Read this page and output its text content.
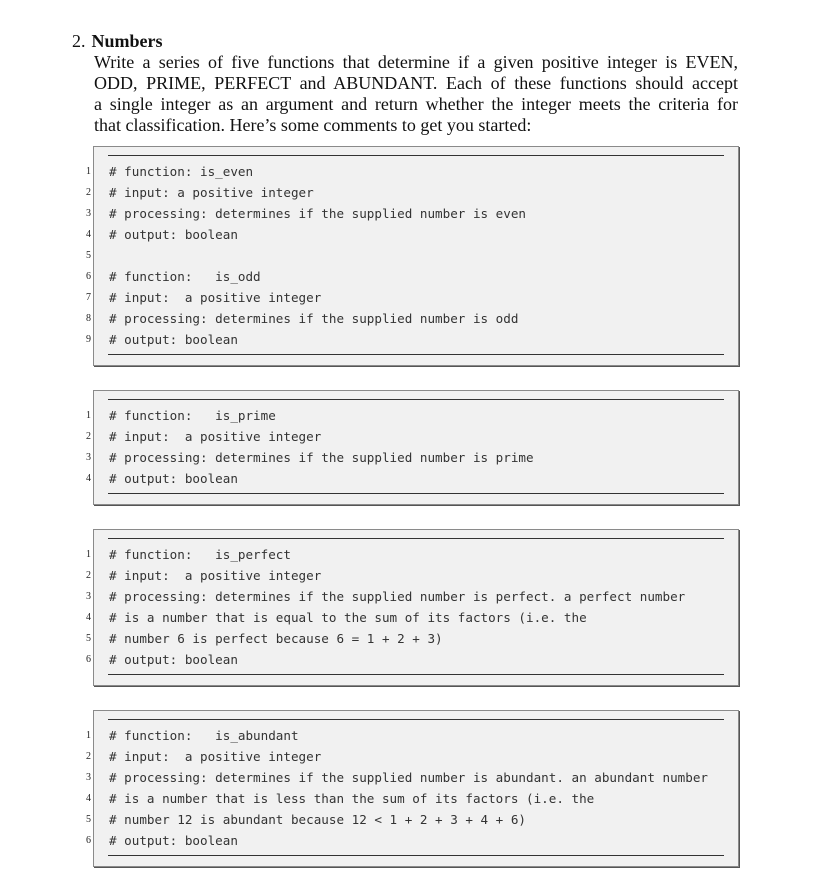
2. Numbers
Write a series of five functions that determine if a given positive integer is EVEN,
ODD, PRIME, PERFECT and ABUNDANT. Each of these functions should accept
a single integer as an argument and return whether the integer meets the criteria for
that classification. Here’s some comments to get you started:
1 # function: is_even
2 # input: a positive integer
3 # processing: determines if the supplied number is even
4 # output: boolean
5
6 # function:   is_odd
7 # input:  a positive integer
8 # processing: determines if the supplied number is odd
9 # output: boolean
1 # function:   is_prime
2 # input:  a positive integer
3 # processing: determines if the supplied number is prime
4 # output: boolean
1 # function:   is_perfect
2 # input:  a positive integer
3 # processing: determines if the supplied number is perfect. a perfect number
4 # is a number that is equal to the sum of its factors (i.e. the
5 # number 6 is perfect because 6 = 1 + 2 + 3)
6 # output: boolean
1 # function:   is_abundant
2 # input:  a positive integer
3 # processing: determines if the supplied number is abundant. an abundant number
4 # is a number that is less than the sum of its factors (i.e. the
5 # number 12 is abundant because 12 < 1 + 2 + 3 + 4 + 6)
6 # output: boolean
